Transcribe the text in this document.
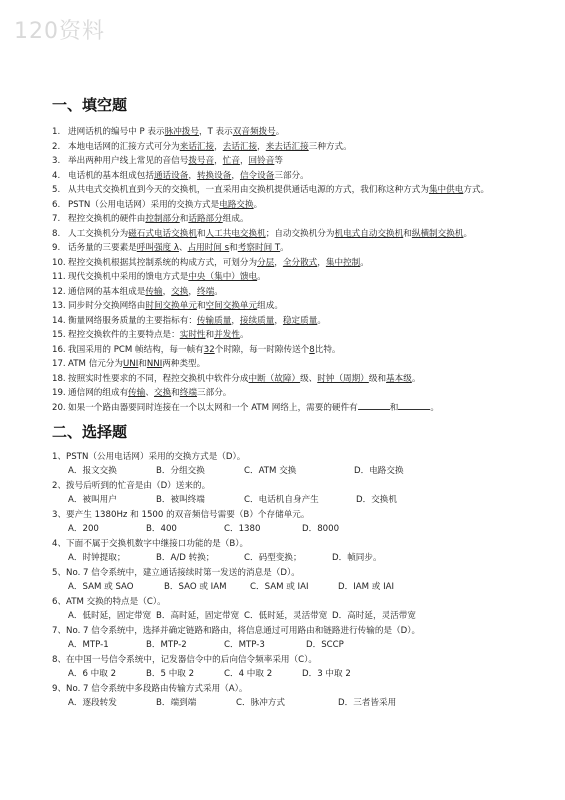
120资料
一、填空题
1. 进网话机的编号中 P 表示脉冲拨号，T 表示双音频拨号。
2. 本地电话网的汇接方式可分为来话汇接，去话汇接，来去话汇接三种方式。
3. 举出两种用户线上常见的音信号拨号音，忙音，回铃音等
4. 电话机的基本组成包括通话设备，转换设备，信令设备三部分。
5. 从共电式交换机直到今天的交换机，一直采用由交换机提供通话电源的方式，我们称这种方式为集中供电方式。
6. PSTN（公用电话网）采用的交换方式是电路交换。
7. 程控交换机的硬件由控制部分和话路部分组成。
8. 人工交换机分为磁石式电话交换机和人工共电交换机；自动交换机分为机电式自动交换机和纵横制交换机。
9. 话务量的三要素是呼叫强度 λ、占用时间 s和考察时间 T。
10. 程控交换机根据其控制系统的构成方式，可划分为分层，全分散式，集中控制。
11. 现代交换机中采用的馈电方式是中央（集中）馈电。
12. 通信网的基本组成是传输，交换，终端。
13. 同步时分交换网络由时间交换单元和空间交换单元组成。
14. 衡量网络服务质量的主要指标有：传输质量，接续质量，稳定质量。
15. 程控交换软件的主要特点是：实时性和并发性。
16. 我国采用的 PCM 帧结构，每一帧有32个时隙，每一时隙传送个8比特。
17. ATM 信元分为UNI和NNI两种类型。
18. 按照实时性要求的不同，程控交换机中软件分成中断（故障）级、时钟（周期）级和基本级。
19. 通信网的组成有传输、交换和终端三部分。
20. 如果一个路由器要同时连接在一个以太网和一个 ATM 网络上，需要的硬件有	和	。
二、选择题
1、PSTN（公用电话网）采用的交换方式是（D）。
A．报文交换	B．分组交换	C．ATM 交换	D．电路交换
2、拨号后听到的忙音是由（D）送来的。
A．被叫用户	B．被叫终端	C．电话机自身产生	D．交换机
3、要产生 1380Hz 和 1500 的双音频信号需要（B）个存储单元。
A．200	B．400	C．1380	D．8000
4、下面不属于交换机数字中继接口功能的是（B）。
A．时钟提取；	B．A/D 转换；	C．码型变换；	D．帧同步。
5、No. 7 信令系统中，建立通话接续时第一发送的消息是（D）。
A．SAM 或 SAO	B．SAO 或 IAM	C．SAM 或 IAI	D．IAM 或 IAI
6、ATM 交换的特点是（C）。
A．低时延，固定带宽 B．高时延，固定带宽 C．低时延，灵活带宽 D．高时延，灵活带宽
7、No. 7 信令系统中，选择并确定链路和路由，将信息通过可用路由和链路进行传输的是（D）。
A．MTP-1	B．MTP-2	C．MTP-3	D．SCCP
8、在中国一号信令系统中，记发器信令中的后向信令频率采用（C）。
A．6 中取 2	B．5 中取 2	C．4 中取 2	D．3 中取 2
9、No. 7 信令系统中多段路由传输方式采用（A）。
A．逐段转发	B．端到端	C．脉冲方式	D．三者皆采用
